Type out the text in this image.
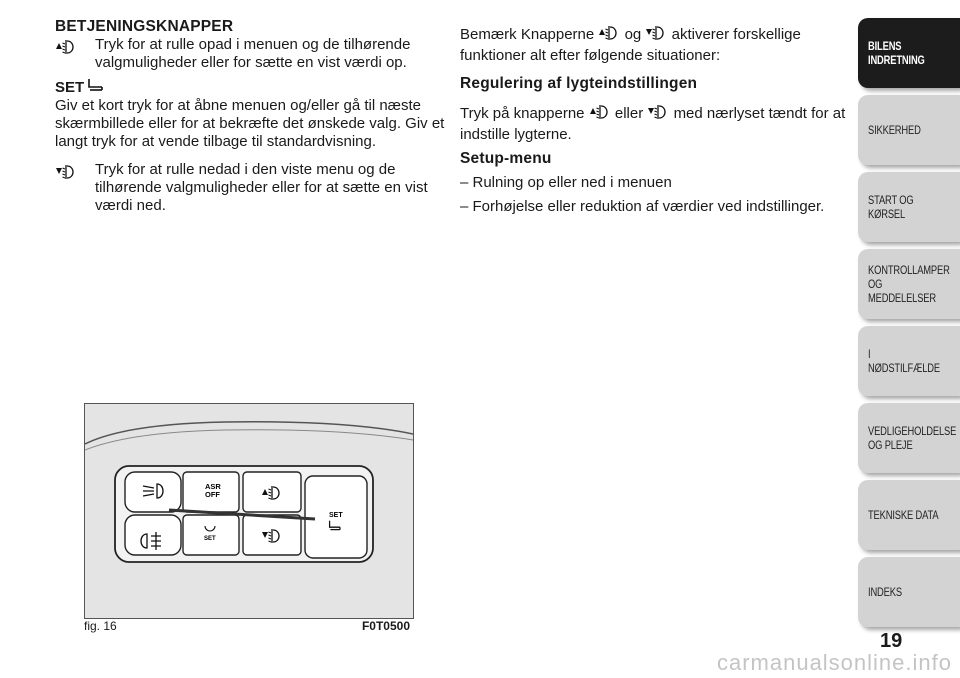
BETJENINGSKNAPPER

Tryk for at rulle opad i menuen og de tilhørende valgmuligheder eller for sætte en vist værdi op.

SET

Giv et kort tryk for at åbne menuen og/eller gå til næste skærmbillede eller for at bekræfte det ønskede valg. Giv et langt tryk for at vende tilbage til standardvisning.

Tryk for at rulle nedad i den viste menu og de tilhørende valgmuligheder eller for at sætte en vist værdi ned.

Bemærk Knapperne og aktiverer forskellige funktioner alt efter følgende situationer:

Regulering af lygteindstillingen

Tryk på knapperne eller med nærlyset tændt for at indstille lygterne.

Setup-menu

– Rulning op eller ned i menuen

– Forhøjelse eller reduktion af værdier ved indstillinger.

ASR
OFF
SET
SET
fig. 16	F0T0500
BILENS
INDRETNING
SIKKERHED
START OG KØRSEL
KONTROLLAMPER
OG MEDDELELSER
I NØDSTILFÆLDE
VEDLIGEHOLDELSE
OG PLEJE
TEKNISKE DATA
INDEKS
19
carmanualsonline.info
